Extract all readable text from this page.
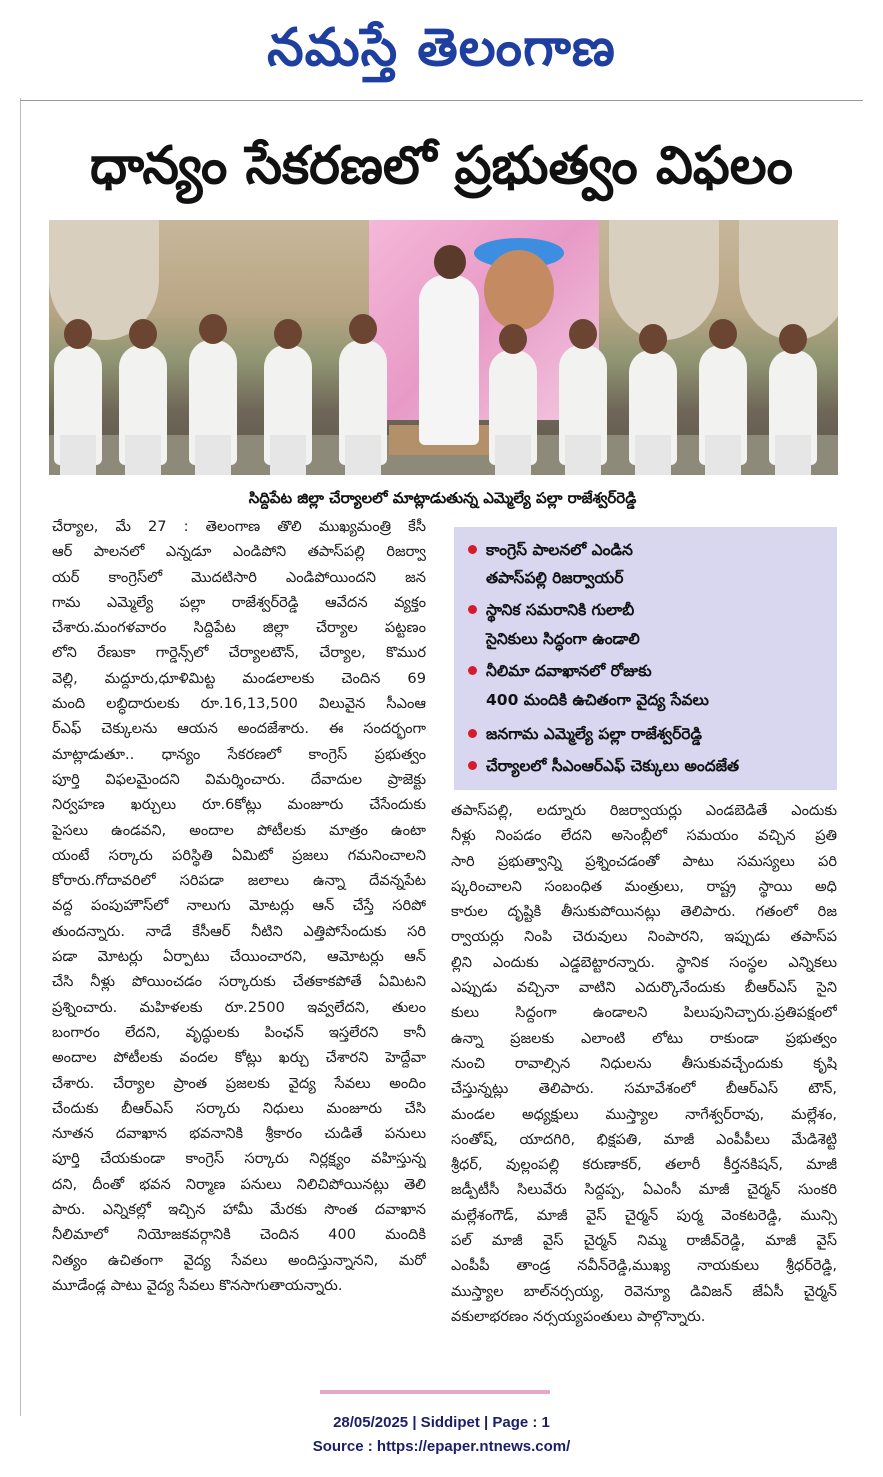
నమస్తే తెలంగాణ
ధాన్యం సేకరణలో ప్రభుత్వం విఫలం
సిద్దిపేట జిల్లా చేర్యాలలో మాట్లాడుతున్న ఎమ్మెల్యే పల్లా రాజేశ్వర్‌రెడ్డి
చేర్యాల, మే 27 : తెలంగాణ తొలి ముఖ్యమంత్రి కేసీ
ఆర్ పాలనలో ఎన్నడూ ఎండిపోని తపాస్‌పల్లి రిజర్వా
యర్ కాంగ్రెస్‌లో మొదటిసారి ఎండిపోయిందని జన
గామ ఎమ్మెల్యే పల్లా రాజేశ్వర్‌రెడ్డి ఆవేదన వ్యక్తం
చేశారు.మంగళవారం సిద్దిపేట జిల్లా చేర్యాల పట్టణం
లోని రేణుకా గార్డెన్స్‌లో చేర్యాలటౌన్, చేర్యాల, కొముర
వెల్లి, మద్దూరు,ధూళిమిట్ట మండలాలకు చెందిన 69
మంది లబ్ధిదారులకు రూ.16,13,500 విలువైన సీఎంఆ
ర్‌ఎఫ్ చెక్కులను ఆయన అందజేశారు. ఈ సందర్భంగా
మాట్లాడుతూ.. ధాన్యం సేకరణలో కాంగ్రెస్ ప్రభుత్వం
పూర్తి విఫలమైందని విమర్శించారు. దేవాదుల ప్రాజెక్టు
నిర్వహణ ఖర్చులు రూ.6కోట్లు మంజూరు చేసేందుకు
పైసలు ఉండవని, అందాల పోటీలకు మాత్రం ఉంటా
యంటే సర్కారు పరిస్థితి ఏమిటో ప్రజలు గమనించాలని
కోరారు.గోదావరిలో సరిపడా జలాలు ఉన్నా దేవన్నపేట
వద్ద పంపుహౌస్‌లో నాలుగు మోటర్లు ఆన్ చేస్తే సరిపో
తుందన్నారు. నాడే కేసీఆర్ నీటిని ఎత్తిపోసేందుకు సరి
పడా మోటర్లు ఏర్పాటు చేయించారని, ఆమోటర్లు ఆన్
చేసి నీళ్లు పోయించడం సర్కారుకు చేతకాకపోతే ఏమిటని
ప్రశ్నించారు. మహిళలకు రూ.2500 ఇవ్వలేదని, తులం
బంగారం లేదని, వృద్ధులకు పింఛన్ ఇస్తలేరని కానీ
అందాల పోటీలకు వందల కోట్లు ఖర్చు చేశారని హెద్దేవా
చేశారు. చేర్యాల ప్రాంత ప్రజలకు వైద్య సేవలు అందిం
చేందుకు బీఆర్‌ఎస్ సర్కారు నిధులు మంజూరు చేసి
నూతన దవాఖాన భవనానికి శ్రీకారం చుడితే పనులు
పూర్తి చేయకుండా కాంగ్రెస్ సర్కారు నిర్లక్ష్యం వహిస్తున్న
దని, దీంతో భవన నిర్మాణ పనులు నిలిచిపోయినట్లు తెలి
పారు. ఎన్నికల్లో ఇచ్చిన హామీ మేరకు సొంత దవాఖాన
నీలిమాలో నియోజకవర్గానికి చెందిన 400 మందికి
నిత్యం ఉచితంగా వైద్య సేవలు అందిస్తున్నానని, మరో
మూడేండ్ల పాటు వైద్య సేవలు కొనసాగుతాయన్నారు.
కాంగ్రెస్ పాలనలో ఎండిన
తపాస్‌పల్లి రిజర్వాయర్
స్థానిక సమరానికి గులాబీ
సైనికులు సిద్ధంగా ఉండాలి
నీలిమా దవాఖానలో రోజుకు
400 మందికి ఉచితంగా వైద్య సేవలు
జనగామ ఎమ్మెల్యే పల్లా రాజేశ్వర్‌రెడ్డి
చేర్యాలలో సీఎంఆర్‌ఎఫ్ చెక్కులు అందజేత
తపాస్‌పల్లి, లద్నూరు రిజర్వాయర్లు ఎండబెడితే ఎందుకు
నీళ్లు నింపడం లేదని అసెంబ్లీలో సమయం వచ్చిన ప్రతి
సారి ప్రభుత్వాన్ని ప్రశ్నించడంతో పాటు సమస్యలు పరి
ష్కరించాలని సంబంధిత మంత్రులు, రాష్ట్ర స్థాయి అధి
కారుల దృష్టికి తీసుకుపోయినట్లు తెలిపారు. గతంలో రిజ
ర్వాయర్లు నింపి చెరువులు నింపారని, ఇప్పుడు తపాస్‌ప
ల్లిని ఎందుకు ఎడ్డబెట్టారన్నారు. స్థానిక సంస్థల ఎన్నికలు
ఎప్పుడు వచ్చినా వాటిని ఎదుర్కొనేందుకు బీఆర్‌ఎస్ సైని
కులు సిద్దంగా ఉండాలని పిలుపునిచ్చారు.ప్రతిపక్షంలో
ఉన్నా ప్రజలకు ఎలాంటి లోటు రాకుండా ప్రభుత్వం
నుంచి రావాల్సిన నిధులను తీసుకువచ్చేందుకు కృషి
చేస్తున్నట్లు తెలిపారు. సమావేశంలో బీఆర్‌ఎస్ టౌన్,
మండల అధ్యక్షులు ముస్త్యాల నాగేశ్వర్‌రావు, మల్లేశం,
సంతోష్, యాదగిరి, భిక్షపతి, మాజీ ఎంపీపీలు మేడిశెట్టి
శ్రీధర్, వుల్లంపల్లి కరుణాకర్, తలారీ కీర్తనకిషన్, మాజీ
జడ్పీటీసీ సిలువేరు సిద్దప్ప, ఏఎంసీ మాజీ చైర్మన్ సుంకరి
మల్లేశంగౌడ్, మాజీ వైస్ చైర్మన్ పుర్మ వెంకటరెడ్డి, మున్సి
పల్ మాజీ వైస్ చైర్మన్ నిమ్మ రాజీవ్‌రెడ్డి, మాజీ వైస్
ఎంపీపీ తాండ్ర నవీన్‌రెడ్డి,ముఖ్య నాయకులు శ్రీధర్‌రెడ్డి,
ముస్త్యాల బాల్‌నర్సయ్య, రెవెన్యూ డివిజన్ జేఏసీ చైర్మన్
వకులాభరణం నర్సయ్యపంతులు పాల్గొన్నారు.
28/05/2025 | Siddipet | Page : 1
Source : https://epaper.ntnews.com/
